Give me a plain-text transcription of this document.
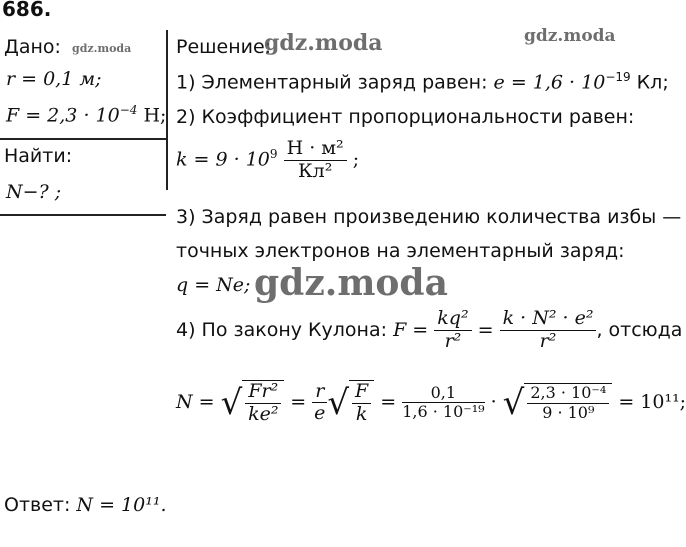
686.
Дано: gdz.moda
r = 0,1 м;
$F = 2,3 \cdot 10^{-4}$ Н;
Найти:
N−? ;
Решение:
gdz.moda	gdz.moda
1) Элементарный заряд равен: $e = 1,6 \cdot 10^{-19}$ Кл;
2) Коэффициент пропорциональности равен:
$k = 9 \cdot 10^9 \frac{\text{Н · м²}}{\text{Кл²}}$ ;
3) Заряд равен произведению количества избы —
точных электронов на элементарный заряд:
q = Ne; gdz.moda
4) По закону Кулона: $F = \frac{\text{kq²}}{\text{r²}} = \frac{\text{k · N² · e²}}{\text{r²}}$ , отсюда
N = √ $\frac{\text{Fr²}}{\text{ke²}} = \frac{r}{e}$ √ $\frac{F}{k} = \frac{0,1}{\text{1,6 · 10⁻¹⁹}}$ · √ $\frac{\text{2,3 · 10⁻⁴}}{\text{9 · 10⁹}} = 10^{11}$;
Ответ: N = 10¹¹.
